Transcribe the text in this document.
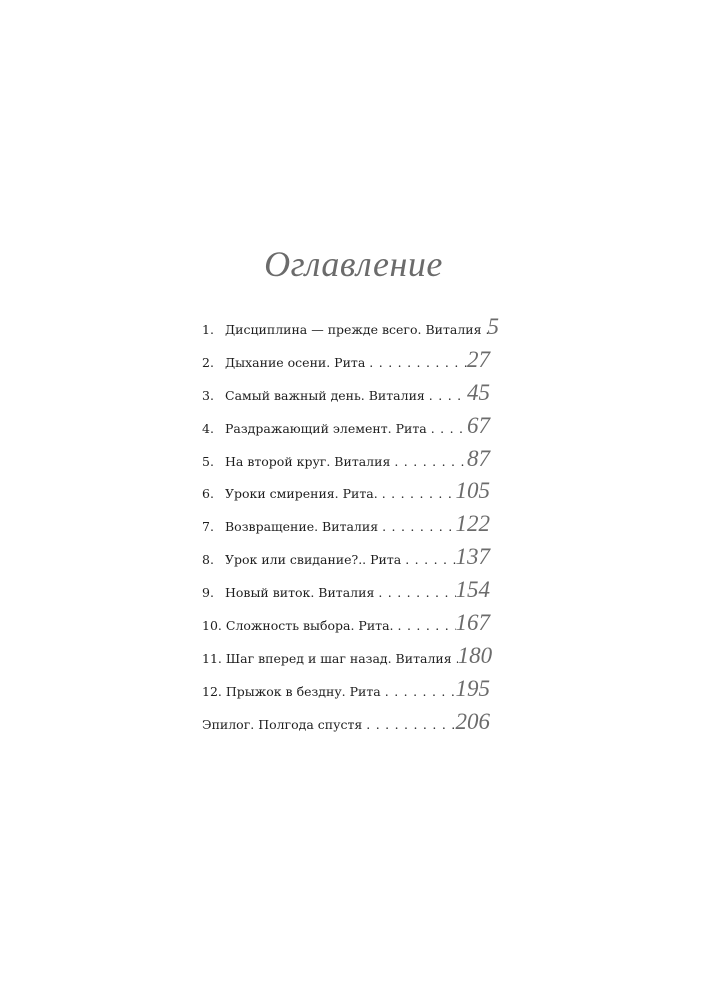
Оглавление
1. Дисциплина — прежде всего. Виталия . . . 5
2. Дыхание осени. Рита . . .	27
3. Самый важный день. Виталия . . . 45
4. Раздражающий элемент. Рита . . . 67
5. На второй круг. Виталия . . .	87
6. Уроки смирения. Рита. . . .	105
7. Возвращение. Виталия . . .	122
8. Урок или свидание?.. Рита . . . 137
9. Новый виток. Виталия . . .	154
10. Сложность выбора. Рита. . . .	167
11. Шаг вперед и шаг назад. Виталия . . . 180
12. Прыжок в бездну. Рита . . .	195
Эпилог. Полгода спустя . . .	206
